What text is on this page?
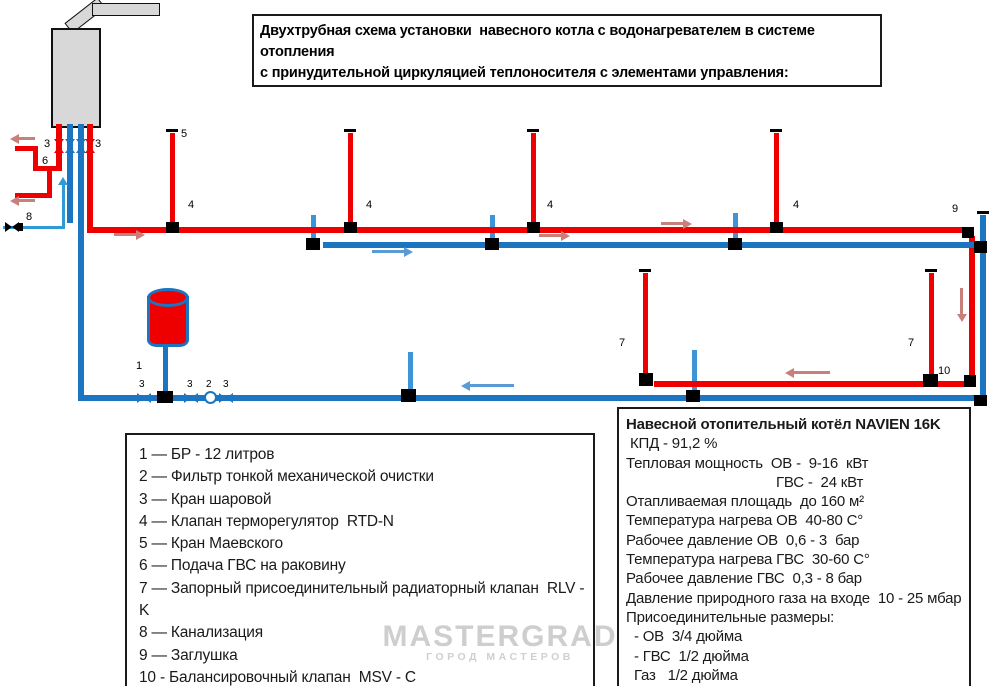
3	3
6
8
5
4	4	4	4	9
1
3	3 2 3
7	7
10
Двухтрубная схема установки  навесного котла с водонагревателем в системе отопления
с принудительной циркуляцией теплоносителя с элементами управления:
1 — БР - 12 литров
2 — Фильтр тонкой механической очистки
3 — Кран шаровой
4 — Клапан терморегулятор  RTD-N
5 — Кран Маевского
6 — Подача ГВС на раковину
7 — Запорный присоединительный радиаторный клапан  RLV - K
8 — Канализация
9 — Заглушка
10 - Балансировочный клапан  MSV - C
Навесной отопительный котёл NAVIEN 16K
КПД - 91,2 %
Тепловая мощность  ОВ -  9-16  кВт
ГВС -  24 кВт
Отапливаемая площадь  до 160 м²
Температура нагрева ОВ  40-80 С°
Рабочее давление ОВ  0,6 - 3  бар
Температура нагрева ГВС  30-60 С°
Рабочее давление ГВС  0,3 - 8 бар
Давление природного газа на входе  10 - 25 мбар
Присоединительные размеры:
- ОВ  3/4 дюйма
- ГВС  1/2 дюйма
Газ   1/2 дюйма
MASTERGRAD
ГОРОД МАСТЕРОВ
